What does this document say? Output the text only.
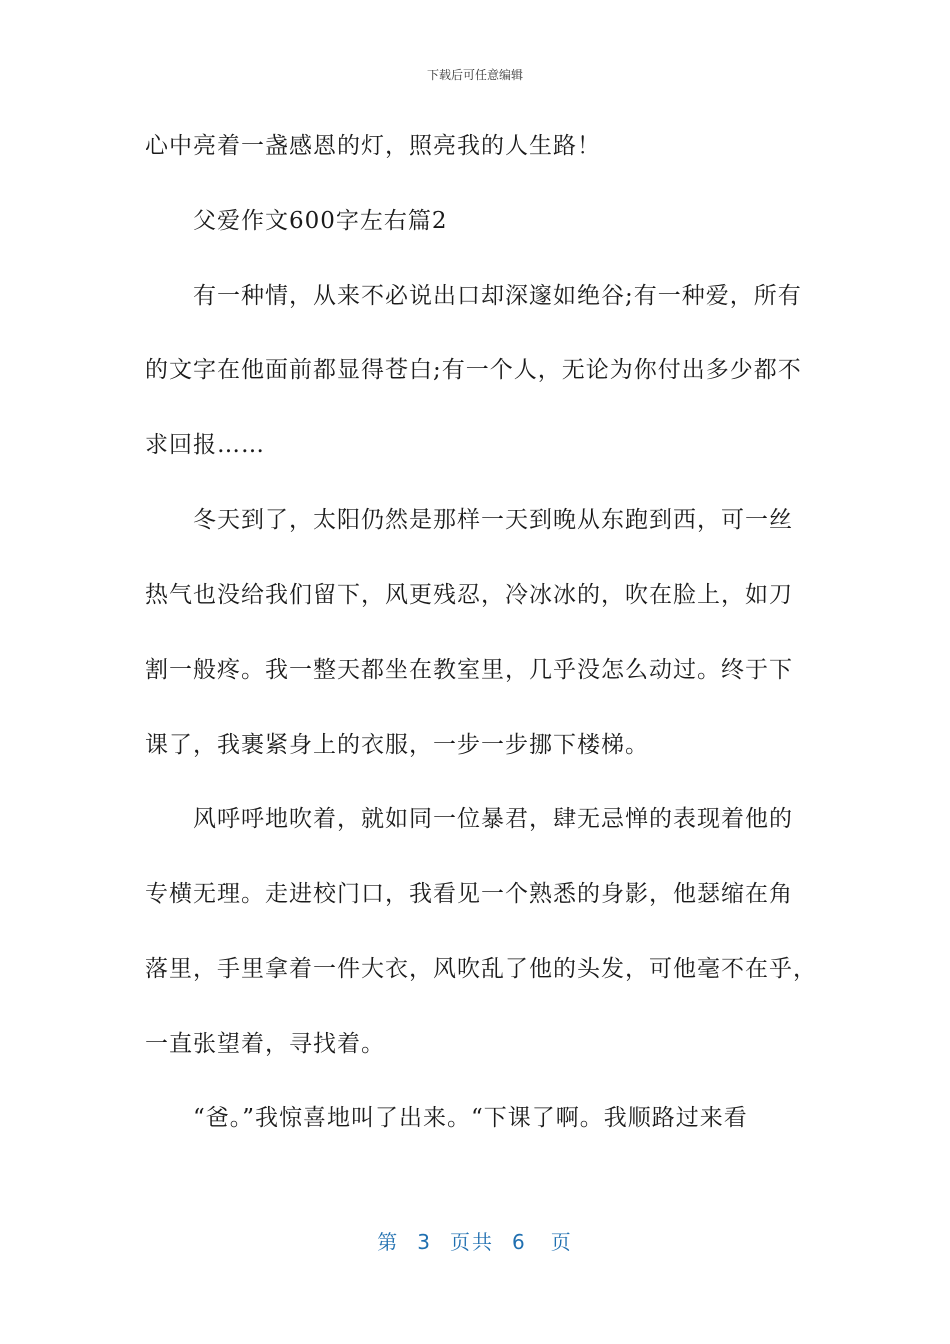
下载后可任意编辑
心中亮着一盏感恩的灯，照亮我的人生路！
父爱作文600字左右篇2
有一种情，从来不必说出口却深邃如绝谷;有一种爱，所有
的文字在他面前都显得苍白;有一个人，无论为你付出多少都不
求回报……
冬天到了，太阳仍然是那样一天到晚从东跑到西，可一丝
热气也没给我们留下，风更残忍，冷冰冰的，吹在脸上，如刀
割一般疼。我一整天都坐在教室里，几乎没怎么动过。终于下
课了，我裹紧身上的衣服，一步一步挪下楼梯。
风呼呼地吹着，就如同一位暴君，肆无忌惮的表现着他的
专横无理。走进校门口，我看见一个熟悉的身影，他瑟缩在角
落里，手里拿着一件大衣，风吹乱了他的头发，可他毫不在乎，
一直张望着，寻找着。
“爸。”我惊喜地叫了出来。“下课了啊。我顺路过来看
第 3 页共 6 页
